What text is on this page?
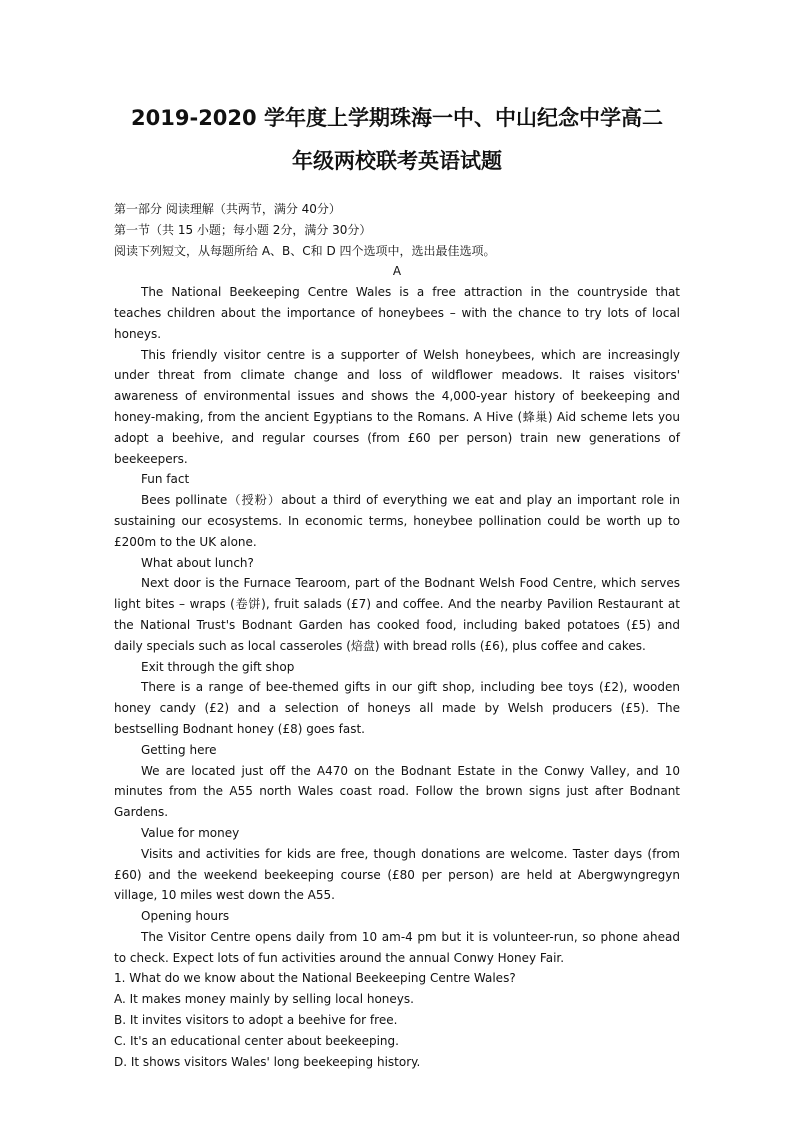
2019-2020 学年度上学期珠海一中、中山纪念中学高二
年级两校联考英语试题

第一部分 阅读理解（共两节，满分 40分）

第一节（共 15 小题；每小题 2分，满分 30分）

阅读下列短文，从每题所给 A、B、C和 D 四个选项中，选出最佳选项。

A

The National Beekeeping Centre Wales is a free attraction in the countryside that teaches children about the importance of honeybees – with the chance to try lots of local honeys.

This friendly visitor centre is a supporter of Welsh honeybees, which are increasingly under threat from climate change and loss of wildflower meadows. It raises visitors' awareness of environmental issues and shows the 4,000-year history of beekeeping and honey-making, from the ancient Egyptians to the Romans. A Hive (蜂巢) Aid scheme lets you adopt a beehive, and regular courses (from £60 per person) train new generations of beekeepers.

Fun fact

Bees pollinate（授粉）about a third of everything we eat and play an important role in sustaining our ecosystems. In economic terms, honeybee pollination could be worth up to £200m to the UK alone.

What about lunch?

Next door is the Furnace Tearoom, part of the Bodnant Welsh Food Centre, which serves light bites – wraps (卷饼), fruit salads (£7) and coffee. And the nearby Pavilion Restaurant at the National Trust's Bodnant Garden has cooked food, including baked potatoes (£5) and daily specials such as local casseroles (焙盘) with bread rolls (£6), plus coffee and cakes.

Exit through the gift shop

There is a range of bee-themed gifts in our gift shop, including bee toys (£2), wooden honey candy (£2) and a selection of honeys all made by Welsh producers (£5). The bestselling Bodnant honey (£8) goes fast.

Getting here

We are located just off the A470 on the Bodnant Estate in the Conwy Valley, and 10 minutes from the A55 north Wales coast road. Follow the brown signs just after Bodnant Gardens.

Value for money

Visits and activities for kids are free, though donations are welcome. Taster days (from £60) and the weekend beekeeping course (£80 per person) are held at Abergwyngregyn village, 10 miles west down the A55.

Opening hours

The Visitor Centre opens daily from 10 am-4 pm but it is volunteer-run, so phone ahead to check. Expect lots of fun activities around the annual Conwy Honey Fair.

1. What do we know about the National Beekeeping Centre Wales?

A. It makes money mainly by selling local honeys.

B. It invites visitors to adopt a beehive for free.

C. It's an educational center about beekeeping.

D. It shows visitors Wales' long beekeeping history.
